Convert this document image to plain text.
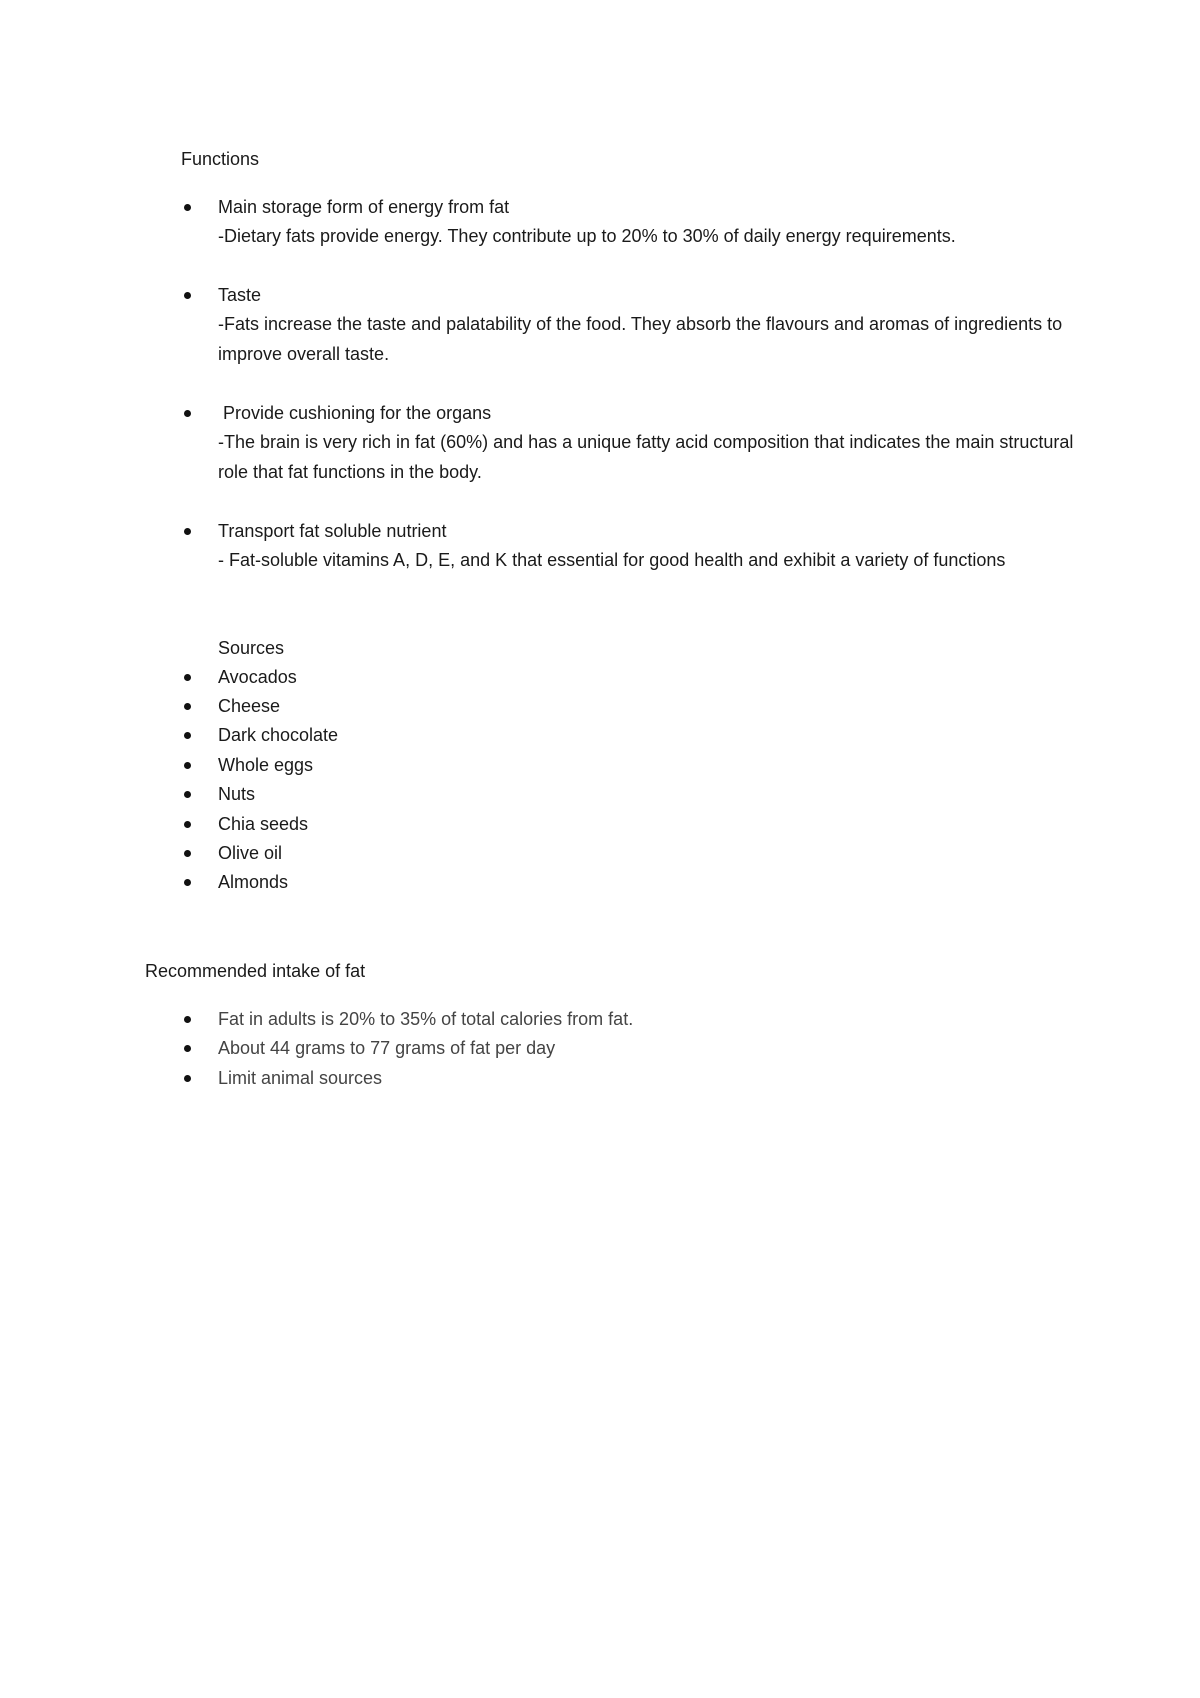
Functions
Main storage form of energy from fat
-Dietary fats provide energy. They contribute up to 20% to 30% of daily energy requirements.
Taste
-Fats increase the taste and palatability of the food. They absorb the flavours and aromas of ingredients to improve overall taste.
Provide cushioning for the organs
-The brain is very rich in fat (60%) and has a unique fatty acid composition that indicates the main structural role that fat functions in the body.
Transport fat soluble nutrient
- Fat-soluble vitamins A, D, E, and K that essential for good health and exhibit a variety of functions
Sources
Avocados
Cheese
Dark chocolate
Whole eggs
Nuts
Chia seeds
Olive oil
Almonds
Recommended intake of fat
Fat in adults is 20% to 35% of total calories from fat.
About 44 grams to 77 grams of fat per day
Limit animal sources
